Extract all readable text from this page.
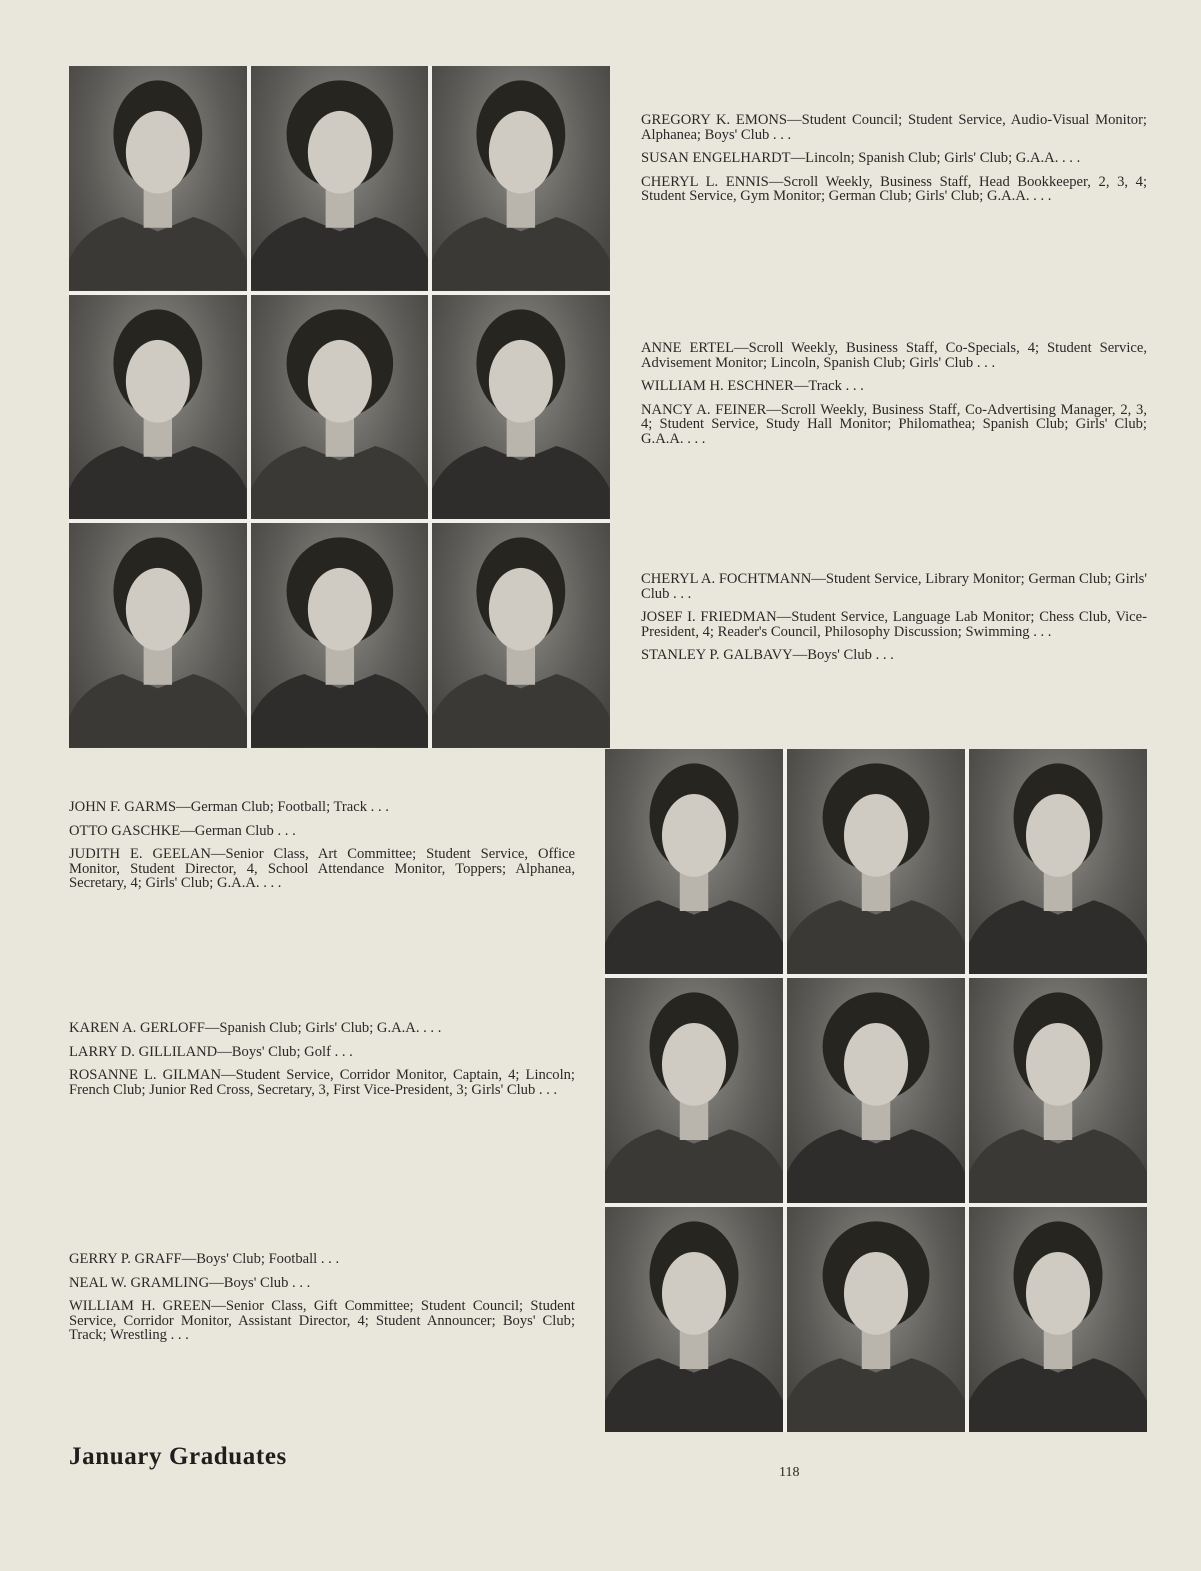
GREGORY K. EMONS—Student Council; Student Service, Audio-Visual Monitor; Alphanea; Boys' Club . . .

SUSAN ENGELHARDT—Lincoln; Spanish Club; Girls' Club; G.A.A. . . .

CHERYL L. ENNIS—Scroll Weekly, Business Staff, Head Bookkeeper, 2, 3, 4; Student Service, Gym Monitor; German Club; Girls' Club; G.A.A. . . .

ANNE ERTEL—Scroll Weekly, Business Staff, Co-Specials, 4; Student Service, Advisement Monitor; Lincoln, Spanish Club; Girls' Club . . .

WILLIAM H. ESCHNER—Track . . .

NANCY A. FEINER—Scroll Weekly, Business Staff, Co-Advertising Manager, 2, 3, 4; Student Service, Study Hall Monitor; Philomathea; Spanish Club; Girls' Club; G.A.A. . . .

CHERYL A. FOCHTMANN—Student Service, Library Monitor; German Club; Girls' Club . . .

JOSEF I. FRIEDMAN—Student Service, Language Lab Monitor; Chess Club, Vice-President, 4; Reader's Council, Philosophy Discussion; Swimming . . .

STANLEY P. GALBAVY—Boys' Club . . .

JOHN F. GARMS—German Club; Football; Track . . .

OTTO GASCHKE—German Club . . .

JUDITH E. GEELAN—Senior Class, Art Committee; Student Service, Office Monitor, Student Director, 4, School Attendance Monitor, Toppers; Alphanea, Secretary, 4; Girls' Club; G.A.A. . . .

KAREN A. GERLOFF—Spanish Club; Girls' Club; G.A.A. . . .

LARRY D. GILLILAND—Boys' Club; Golf . . .

ROSANNE L. GILMAN—Student Service, Corridor Monitor, Captain, 4; Lincoln; French Club; Junior Red Cross, Secretary, 3, First Vice-President, 3; Girls' Club . . .

GERRY P. GRAFF—Boys' Club; Football . . .

NEAL W. GRAMLING—Boys' Club . . .

WILLIAM H. GREEN—Senior Class, Gift Committee; Student Council; Student Service, Corridor Monitor, Assistant Director, 4; Student Announcer; Boys' Club; Track; Wrestling . . .

January Graduates
118
